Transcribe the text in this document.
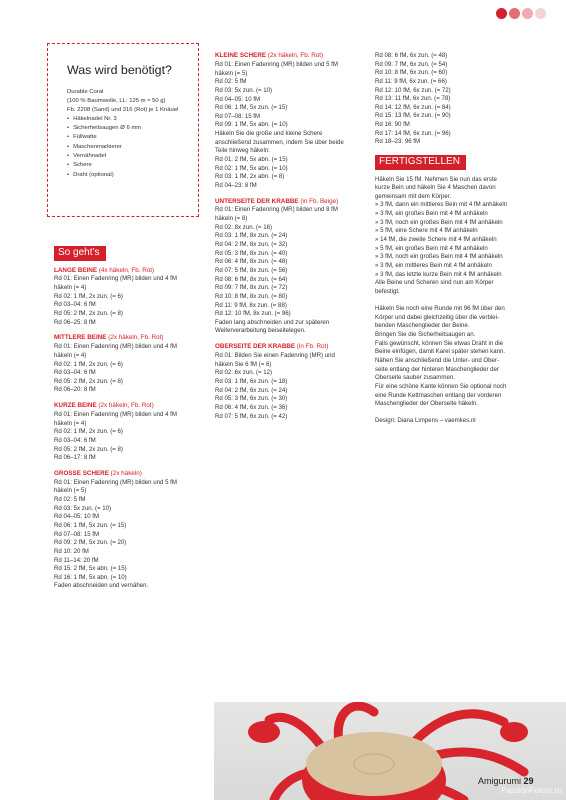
Was wird benötigt?

Durable Coral

(100 % Baumwolle, LL: 125 m ≈ 50 g)

Fb. 2208 (Sand) und 316 (Rot) je 1 Knäuel

• Häkelnadel Nr. 3
• Sicherheitsaugen Ø 6 mm
• Füllwatte
• Maschenmarkierer
• Vernähnadel
• Schere
• Draht (optional)
So geht’s
LANGE BEINE (4x häkeln, Fb. Rot)
Rd 01: Einen Fadenring (MR) bilden und 4 fM
häkeln (= 4)
Rd 02: 1 fM, 2x zun. (= 6)
Rd 03–04: 6 fM
Rd 05: 2 fM, 2x zun. (= 8)
Rd 06–25: 8 fM
MITTLERE BEINE (2x häkeln, Fb. Rot)
Rd 01: Einen Fadenring (MR) bilden und 4 fM
häkeln (= 4)
Rd 02: 1 fM, 2x zun. (= 6)
Rd 03–04: 6 fM
Rd 05: 2 fM, 2x zun. (= 8)
Rd 06–20: 8 fM
KURZE BEINE (2x häkeln, Fb. Rot)
Rd 01: Einen Fadenring (MR) bilden und 4 fM
häkeln (= 4)
Rd 02: 1 fM, 2x zun. (= 6)
Rd 03–04: 6 fM
Rd 05: 2 fM, 2x zun. (= 8)
Rd 06–17: 8 fM
GROSSE SCHERE (2x häkeln)
Rd 01: Einen Fadenring (MR) bilden und 5 fM
häkeln (= 5)
Rd 02: 5 fM
Rd 03: 5x zun. (= 10)
Rd 04–05: 10 fM
Rd 06: 1 fM, 5x zun. (= 15)
Rd 07–08: 15 fM
Rd 09: 2 fM, 5x zun. (= 20)
Rd 10: 20 fM
Rd 11–14: 20 fM
Rd 15: 2 fM, 5x abn. (= 15)
Rd 16: 1 fM, 5x abn. (= 10)
Faden abschneiden und vernähen.
KLEINE SCHERE (2x häkeln, Fb. Rot)
Rd 01: Einen Fadenring (MR) bilden und 5 fM
häkeln (= 5)
Rd 02: 5 fM
Rd 03: 5x zun. (= 10)
Rd 04–05: 10 fM
Rd 06: 1 fM, 5x zun. (= 15)
Rd 07–08: 15 fM
Rd 09: 1 fM, 5x abn. (= 10)
Häkeln Sie die große und kleine Schere
anschließend zusammen, indem Sie über beide
Teile hinweg häkeln:
Rd 01: 2 fM, 5x abn. (= 15)
Rd 02: 1 fM, 5x abn. (= 10)
Rd 03: 1 fM, 2x abn. (= 8)
Rd 04–23: 8 fM
UNTERSEITE DER KRABBE (in Fb. Beige)
Rd 01: Einen Fadenring (MR) bilden und 8 fM
häkeln (= 8)
Rd 02: 8x zun. (= 16)
Rd 03: 1 fM, 8x zun. (= 24)
Rd 04: 2 fM, 8x zun. (= 32)
Rd 05: 3 fM, 8x zun. (= 40)
Rd 06: 4 fM, 8x zun. (= 48)
Rd 07: 5 fM, 8x zun. (= 56)
Rd 08: 6 fM, 8x zun. (= 64)
Rd 09: 7 fM, 8x zun. (= 72)
Rd 10: 8 fM, 8x zun. (= 80)
Rd 11: 9 fM, 8x zun. (= 88)
Rd 12: 10 fM, 8x zun. (= 96)
Faden lang abschneiden und zur späteren
Weiterverarbeitung beiseitelegen.
OBERSEITE DER KRABBE (in Fb. Rot)
Rd 01: Bilden Sie einen Fadenring (MR) und
häkeln Sie 6 fM (= 6)
Rd 02: 6x zun. (= 12)
Rd 03: 1 fM, 6x zun. (= 18)
Rd 04: 2 fM, 6x zun. (= 24)
Rd 05: 3 fM, 6x zun. (= 30)
Rd 06: 4 fM, 6x zun. (= 36)
Rd 07: 5 fM, 6x zun. (= 42)
Rd 08: 6 fM, 6x zun. (= 48)
Rd 09: 7 fM, 6x zun. (= 54)
Rd 10: 8 fM, 6x zun. (= 60)
Rd 11: 9 fM, 6x zun. (= 66)
Rd 12: 10 fM, 6x zun. (= 72)
Rd 13: 11 fM, 6x zun. (= 78)
Rd 14: 12 fM, 6x zun. (= 84)
Rd 15: 13 fM, 6x zun. (= 90)
Rd 16: 90 fM
Rd 17: 14 fM, 6x zun. (= 96)
Rd 18–23: 96 fM
FERTIGSTELLEN
Häkeln Sie 15 fM. Nehmen Sie nun das erste
kurze Bein und häkeln Sie 4 Maschen davon
gemeinsam mit dem Körper.
» 3 fM, dann ein mittleres Bein mit 4 fM anhäkeln
» 3 fM, ein großes Bein mit 4 fM anhäkeln
» 3 fM, noch ein großes Bein mit 4 fM anhäkeln
» 5 fM, eine Schere mit 4 fM anhäkeln
» 14 fM, die zweite Schere mit 4 fM anhäkeln
» 5 fM, ein großes Bein mit 4 fM anhäkeln
» 3 fM, noch ein großes Bein mit 4 fM anhäkeln
» 3 fM, ein mittleres Bein mit 4 fM anhäkeln
» 3 fM, das letzte kurze Bein mit 4 fM anhäkeln
Alle Beine und Scheren sind nun am Körper
befestigt.
Häkeln Sie noch eine Runde mit 96 fM über den
Körper und dabei gleichzeitig über die verblei-
benden Maschenglieder der Beine.
Bringen Sie die Sicherheitsaugen an.
Falls gewünscht, können Sie etwas Draht in die
Beine einfügen, damit Karel später stehen kann.
Nähen Sie anschließend die Unter- und Ober-
seite entlang der hinteren Maschenglieder der
Oberseite sauber zusammen.
Für eine schöne Kante können Sie optional noch
eine Runde Kettmaschen entlang der vorderen
Maschenglieder der Oberseite häkeln.
Design: Diana Limpens – vaemkes.nl
Amigurumi 29
PassionForum.ru
